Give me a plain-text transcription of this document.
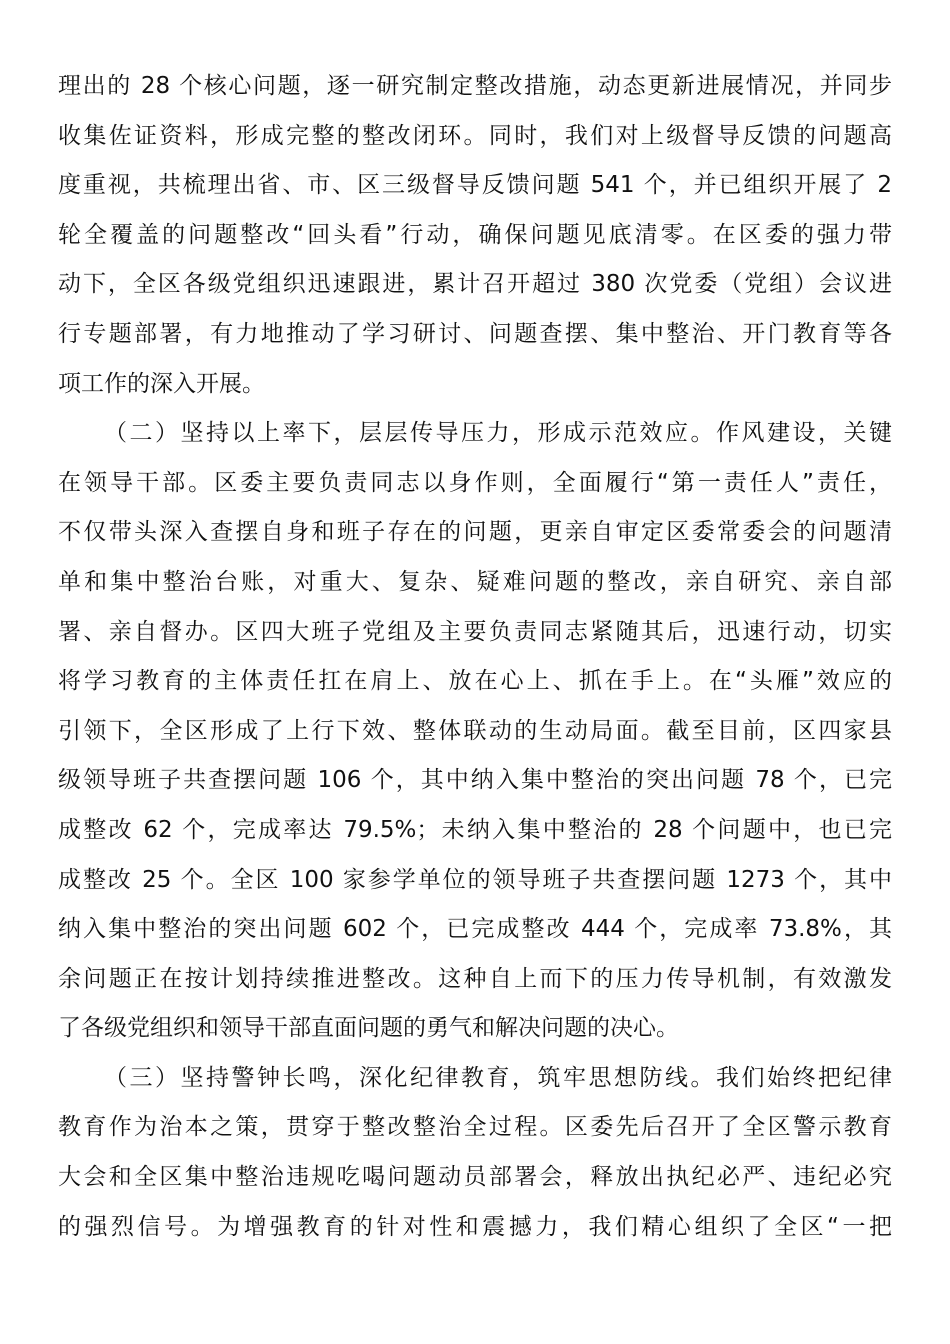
理出的 28 个核心问题，逐一研究制定整改措施，动态更新进展情况，并同步
收集佐证资料，形成完整的整改闭环。同时，我们对上级督导反馈的问题高
度重视，共梳理出省、市、区三级督导反馈问题 541 个，并已组织开展了 2
轮全覆盖的问题整改“回头看”行动，确保问题见底清零。在区委的强力带
动下，全区各级党组织迅速跟进，累计召开超过 380 次党委（党组）会议进
行专题部署，有力地推动了学习研讨、问题查摆、集中整治、开门教育等各
项工作的深入开展。
（二）坚持以上率下，层层传导压力，形成示范效应。作风建设，关键
在领导干部。区委主要负责同志以身作则，全面履行“第一责任人”责任，
不仅带头深入查摆自身和班子存在的问题，更亲自审定区委常委会的问题清
单和集中整治台账，对重大、复杂、疑难问题的整改，亲自研究、亲自部
署、亲自督办。区四大班子党组及主要负责同志紧随其后，迅速行动，切实
将学习教育的主体责任扛在肩上、放在心上、抓在手上。在“头雁”效应的
引领下，全区形成了上行下效、整体联动的生动局面。截至目前，区四家县
级领导班子共查摆问题 106 个，其中纳入集中整治的突出问题 78 个，已完
成整改 62 个，完成率达 79.5%；未纳入集中整治的 28 个问题中，也已完
成整改 25 个。全区 100 家参学单位的领导班子共查摆问题 1273 个，其中
纳入集中整治的突出问题 602 个，已完成整改 444 个，完成率 73.8%，其
余问题正在按计划持续推进整改。这种自上而下的压力传导机制，有效激发
了各级党组织和领导干部直面问题的勇气和解决问题的决心。
（三）坚持警钟长鸣，深化纪律教育，筑牢思想防线。我们始终把纪律
教育作为治本之策，贯穿于整改整治全过程。区委先后召开了全区警示教育
大会和全区集中整治违规吃喝问题动员部署会，释放出执纪必严、违纪必究
的强烈信号。为增强教育的针对性和震撼力，我们精心组织了全区“一把
